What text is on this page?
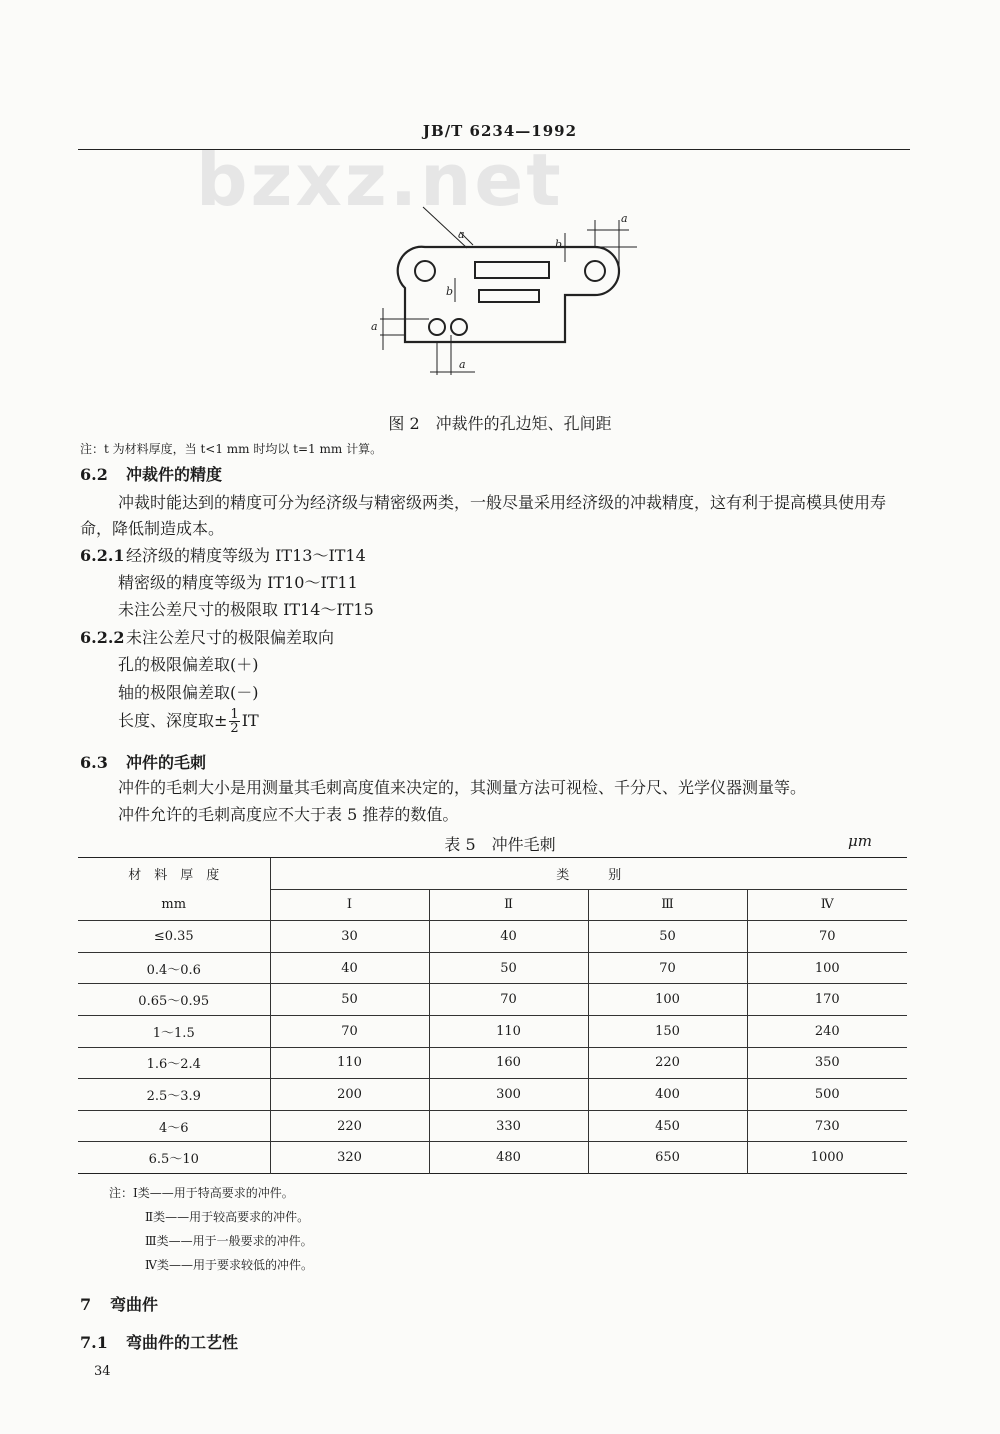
JB/T 6234—1992
bzxz.net
a
b
a
b
a
a
图 2　冲裁件的孔边矩、孔间距
注：t 为材料厚度，当 t<1 mm 时均以 t=1 mm 计算。
6.2 冲裁件的精度
冲裁时能达到的精度可分为经济级与精密级两类，一般尽量采用经济级的冲裁精度，这有利于提高模具使用寿命，降低制造成本。
6.2.1经济级的精度等级为 IT13～IT14
精密级的精度等级为 IT10～IT11
未注公差尺寸的极限取 IT14～IT15
6.2.2未注公差尺寸的极限偏差取向
孔的极限偏差取(＋)
轴的极限偏差取(－)
长度、深度取± $\frac{1}{2}$ IT
6.3 冲件的毛刺
冲件的毛刺大小是用测量其毛刺高度值来决定的，其测量方法可视检、千分尺、光学仪器测量等。
冲件允许的毛刺高度应不大于表 5 推荐的数值。
表 5　冲件毛刺	μm
材　料　厚　度	类　　　别			
mm	Ⅰ	Ⅱ	Ⅲ	Ⅳ
≤0.35	30	40	50	70
0.4～0.6	40	50	70	100
0.65～0.95	50	70	100	170
1～1.5	70	110	150	240
1.6～2.4	110	160	220	350
2.5～3.9	200	300	400	500
4～6	220	330	450	730
6.5～10	320	480	650	1000
注：Ⅰ类——用于特高要求的冲件。
Ⅱ类——用于较高要求的冲件。
Ⅲ类——用于一般要求的冲件。
Ⅳ类——用于要求较低的冲件。
7 弯曲件
7.1 弯曲件的工艺性
34
